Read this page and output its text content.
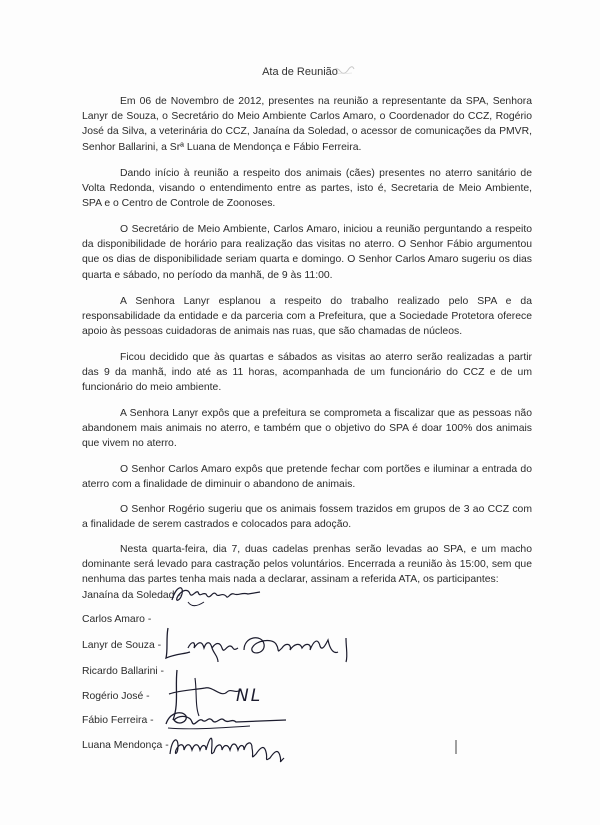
Ata de Reunião
Em 06 de Novembro de 2012, presentes na reunião a representante da SPA, Senhora Lanyr de Souza, o Secretário do Meio Ambiente Carlos Amaro, o Coordenador do CCZ, Rogério José da Silva, a veterinária do CCZ, Janaína da Soledad, o acessor de comunicações da PMVR, Senhor Ballarini, a Srª Luana de Mendonça e Fábio Ferreira.
Dando início à reunião a respeito dos animais (cães) presentes no aterro sanitário de Volta Redonda, visando o entendimento entre as partes, isto é, Secretaria de Meio Ambiente, SPA e o Centro de Controle de Zoonoses.
O Secretário de Meio Ambiente, Carlos Amaro, iniciou a reunião perguntando a respeito da disponibilidade de horário para realização das visitas no aterro. O Senhor Fábio argumentou que os dias de disponibilidade seriam quarta e domingo. O Senhor Carlos Amaro sugeriu os dias quarta e sábado, no período da manhã, de 9 às 11:00.
A Senhora Lanyr esplanou a respeito do trabalho realizado pelo SPA e da responsabilidade da entidade e da parceria com a Prefeitura, que a Sociedade Protetora oferece apoio às pessoas cuidadoras de animais nas ruas, que são chamadas de núcleos.
Ficou decidido que às quartas e sábados as visitas ao aterro serão realizadas a partir das 9 da manhã, indo até as 11 horas, acompanhada de um funcionário do CCZ e de um funcionário do meio ambiente.
A Senhora Lanyr expôs que a prefeitura se comprometa a fiscalizar que as pessoas não abandonem mais animais no aterro, e também que o objetivo do SPA é doar 100% dos animais que vivem no aterro.
O Senhor Carlos Amaro expôs que pretende fechar com portões e iluminar a entrada do aterro com a finalidade de diminuir o abandono de animais.
O Senhor Rogério sugeriu que os animais fossem trazidos em grupos de 3 ao CCZ com a finalidade de serem castrados e colocados para adoção.
Nesta quarta-feira, dia 7, duas cadelas prenhas serão levadas ao SPA, e um macho dominante será levado para castração pelos voluntários. Encerrada a reunião às 15:00, sem que nenhuma das partes tenha mais nada a declarar, assinam a referida ATA, os participantes:
Janaína da Soledad -
Carlos Amaro -
Lanyr de Souza -
Ricardo Ballarini -
Rogério José -
Fábio Ferreira -
Luana Mendonça -
NL
